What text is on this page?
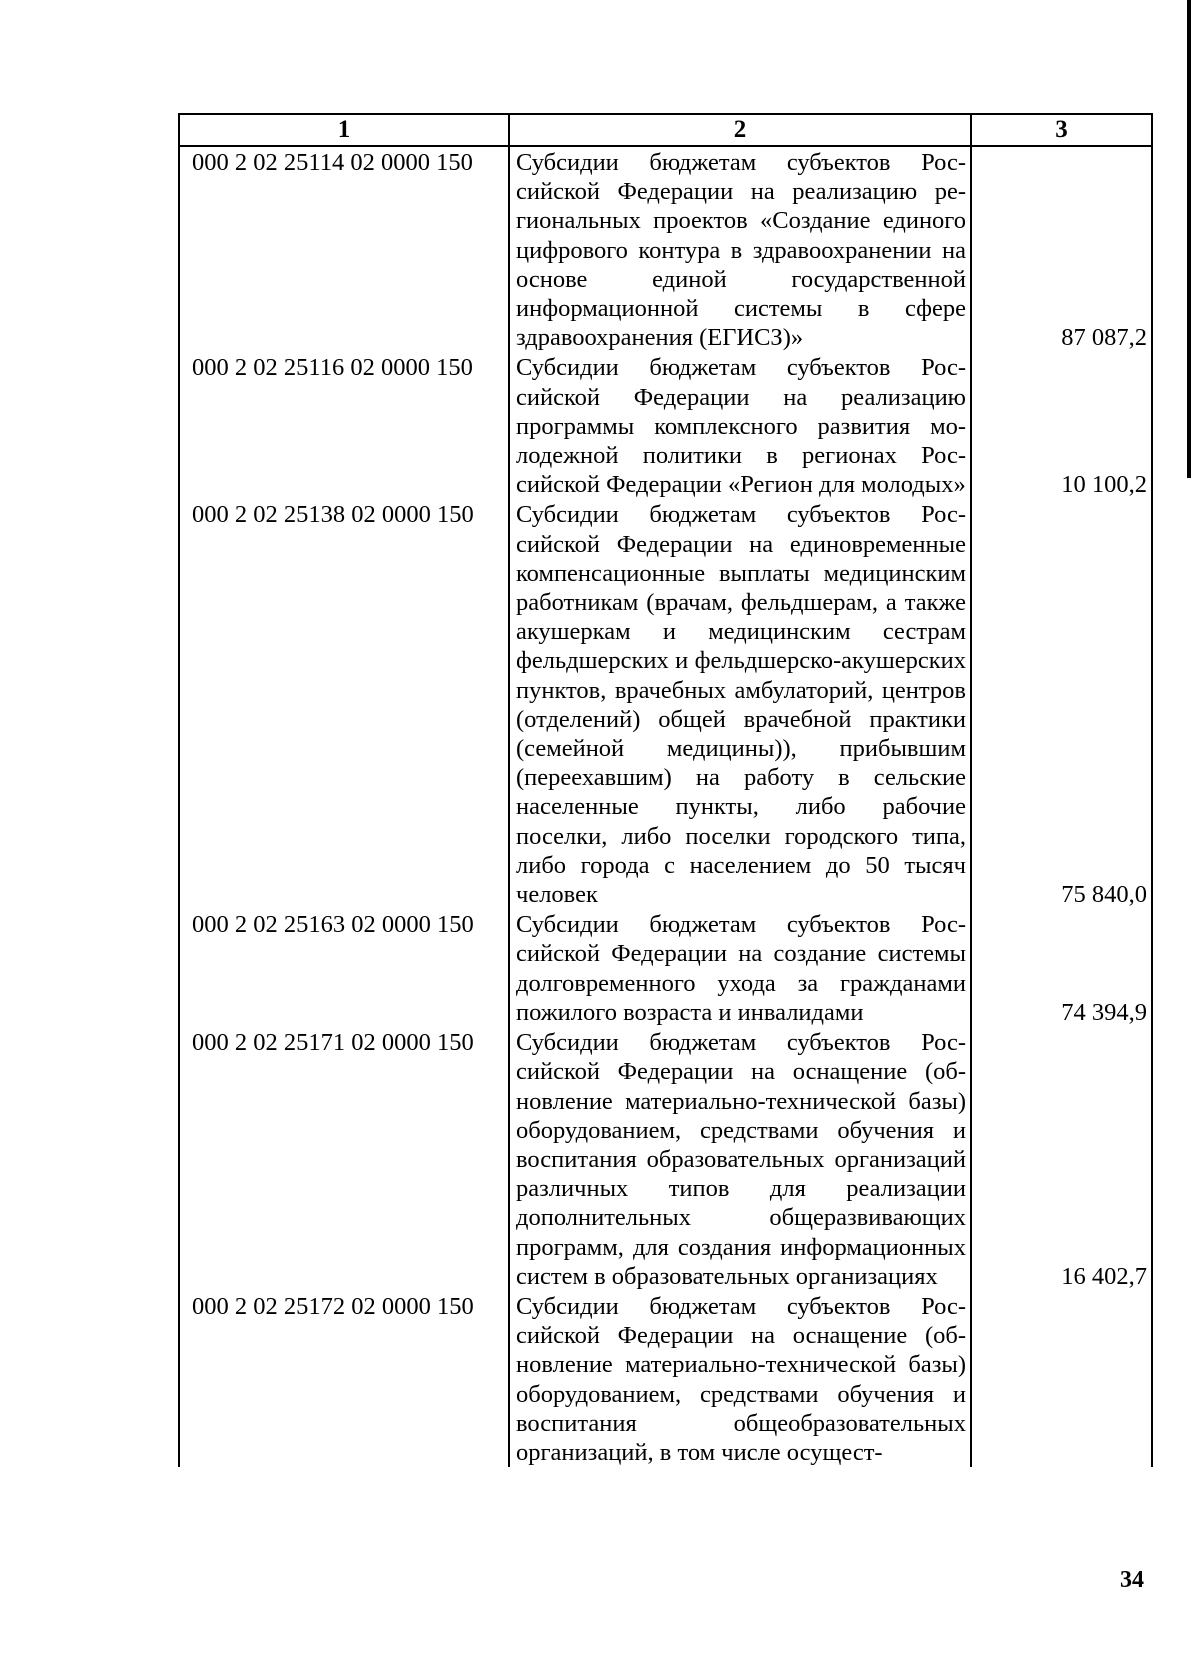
1	2	3
000 2 02 25114 02 0000 150	Субсидии бюджетам субъектов Российской Федерации на реализацию региональных проектов «Создание единого цифрового контура в здравоохранении на основе единой государственной информационной системы в сфере здравоохранения (ЕГИСЗ)»	87 087,2
000 2 02 25116 02 0000 150	Субсидии бюджетам субъектов Российской Федерации на реализацию программы комплексного развития молодежной политики в регионах Российской Федерации «Регион для молодых»	10 100,2
000 2 02 25138 02 0000 150	Субсидии бюджетам субъектов Российской Федерации на единовременные компенсационные выплаты медицинским работникам (врачам, фельдшерам, а также акушеркам и медицинским сестрам фельдшерских и фельдшерско-акушерских пунктов, врачебных амбулаторий, центров (отделений) общей врачебной практики (семейной медицины)), прибывшим (переехавшим) на работу в сельские населенные пункты, либо рабочие поселки, либо поселки городского типа, либо города с населением до 50 тысяч человек	75 840,0
000 2 02 25163 02 0000 150	Субсидии бюджетам субъектов Российской Федерации на создание системы долговременного ухода за гражданами пожилого возраста и инвалидами	74 394,9
000 2 02 25171 02 0000 150	Субсидии бюджетам субъектов Российской Федерации на оснащение (обновление материально-технической базы) оборудованием, средствами обучения и воспитания образовательных организаций различных типов для реализации дополнительных общеразвивающих программ, для создания информационных систем в образовательных организациях	16 402,7
000 2 02 25172 02 0000 150	Субсидии бюджетам субъектов Российской Федерации на оснащение (обновление материально-технической базы) оборудованием, средствами обучения и воспитания общеобразовательных организаций, в том числе осущест-	

34
